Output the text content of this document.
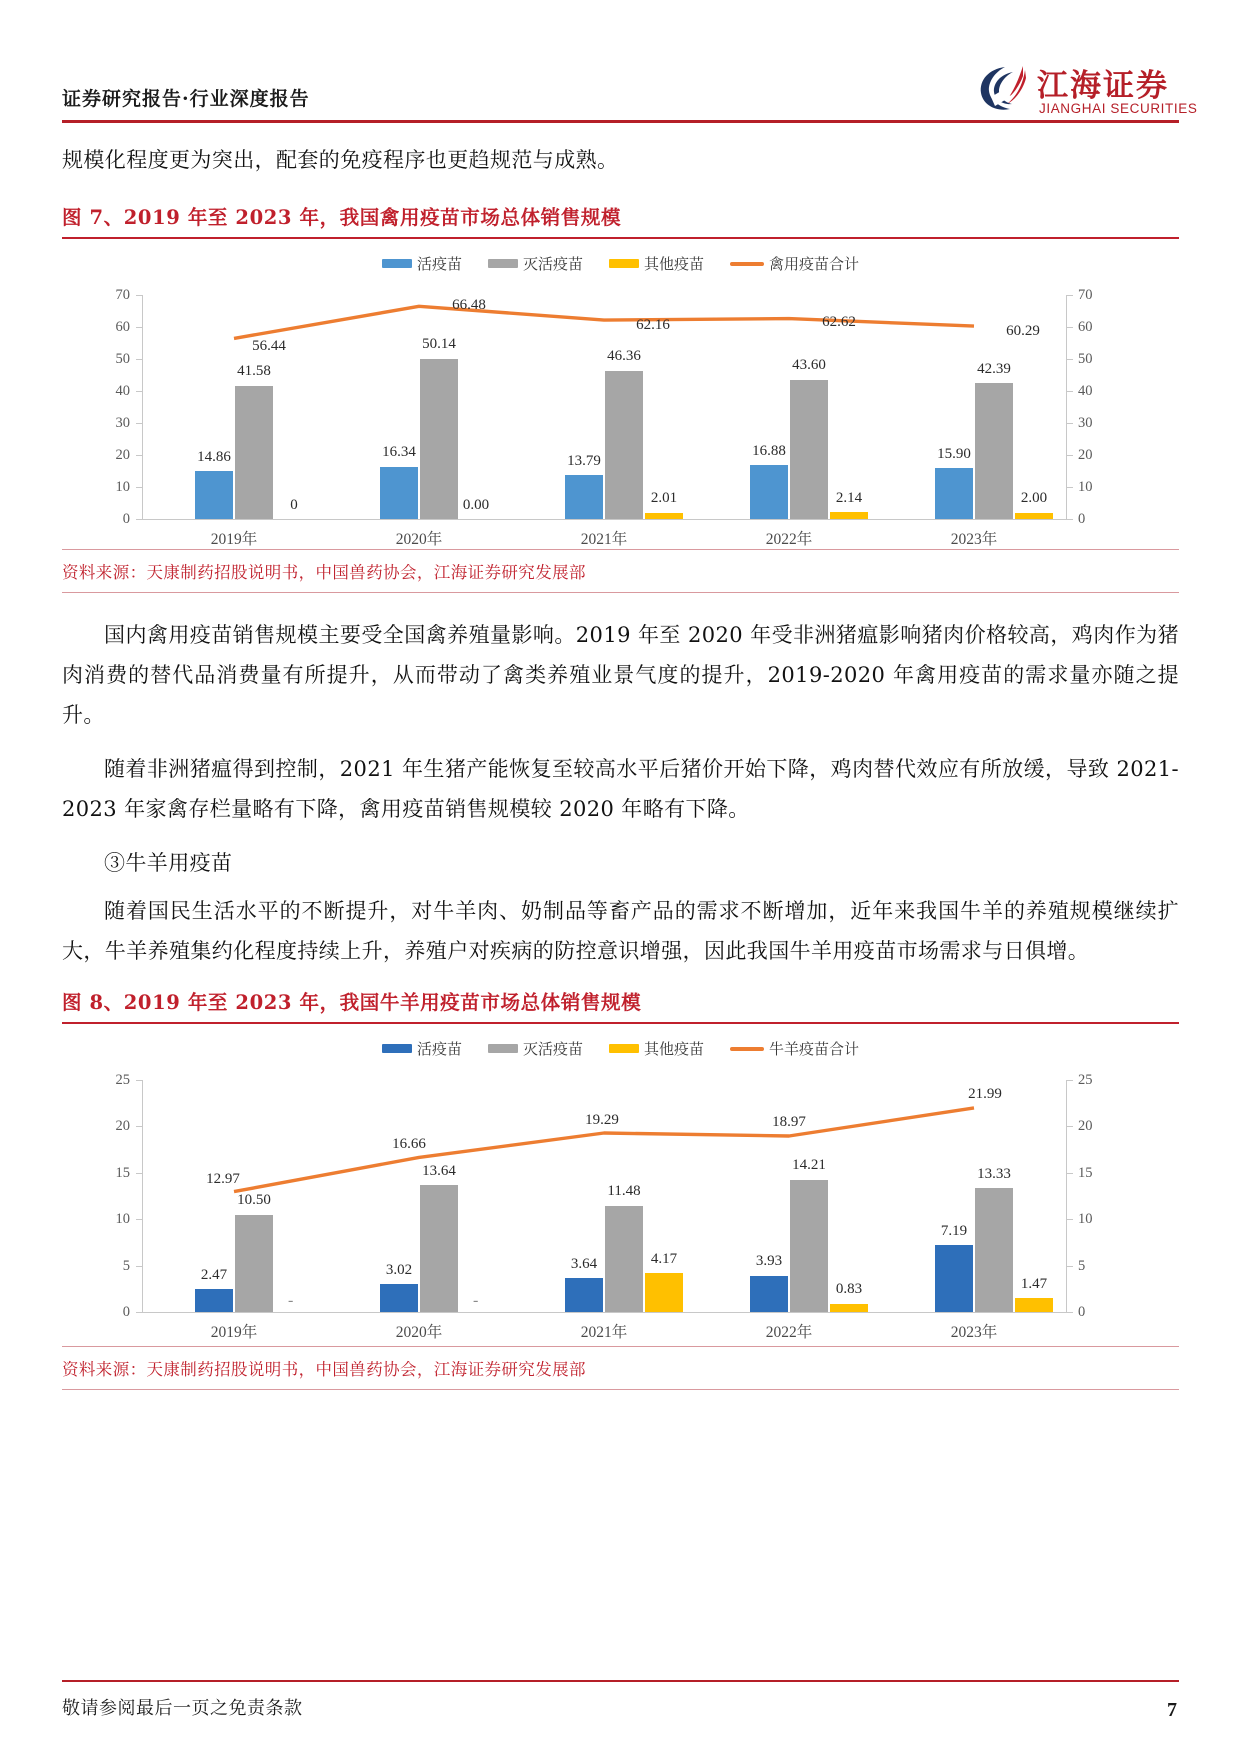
证券研究报告·行业深度报告	江海证券
JIANGHAI SECURITIES

规模化程度更为突出，配套的免疫程序也更趋规范与成熟。

图 7、2019 年至 2023 年，我国禽用疫苗市场总体销售规模
活疫苗	灭活疫苗	其他疫苗	禽用疫苗合计
0
10
20
30
40
50
60
70
0
10
20
30
40
50
60
70
14.86
41.58
0
16.34
50.14
0.00
13.79
46.36
2.01
16.88
43.60
2.14
15.90
42.39
2.00
56.44
66.48
62.16	62.62
60.29
2019年	2020年	2021年	2022年	2023年
资料来源：天康制药招股说明书，中国兽药协会，江海证券研究发展部

国内禽用疫苗销售规模主要受全国禽养殖量影响。2019 年至 2020 年受非洲猪瘟影响猪肉价格较高，鸡肉作为猪肉消费的替代品消费量有所提升，从而带动了禽类养殖业景气度的提升，2019-2020 年禽用疫苗的需求量亦随之提升。

随着非洲猪瘟得到控制，2021 年生猪产能恢复至较高水平后猪价开始下降，鸡肉替代效应有所放缓，导致 2021-2023 年家禽存栏量略有下降，禽用疫苗销售规模较 2020 年略有下降。

③牛羊用疫苗

随着国民生活水平的不断提升，对牛羊肉、奶制品等畜产品的需求不断增加，近年来我国牛羊的养殖规模继续扩大，牛羊养殖集约化程度持续上升，养殖户对疾病的防控意识增强，因此我国牛羊用疫苗市场需求与日俱增。

图 8、2019 年至 2023 年，我国牛羊用疫苗市场总体销售规模
活疫苗	灭活疫苗	其他疫苗	牛羊疫苗合计
0
5
10
15
20
25
0
5
10
15
20
25
-
2.47
10.50
-
3.02
13.64
3.64
11.48
4.17	3.93
14.21
0.83
7.19
13.33
1.47
12.97
16.66
19.29	18.97
21.99
2019年	2020年	2021年	2022年	2023年
资料来源：天康制药招股说明书，中国兽药协会，江海证券研究发展部
敬请参阅最后一页之免责条款	7
